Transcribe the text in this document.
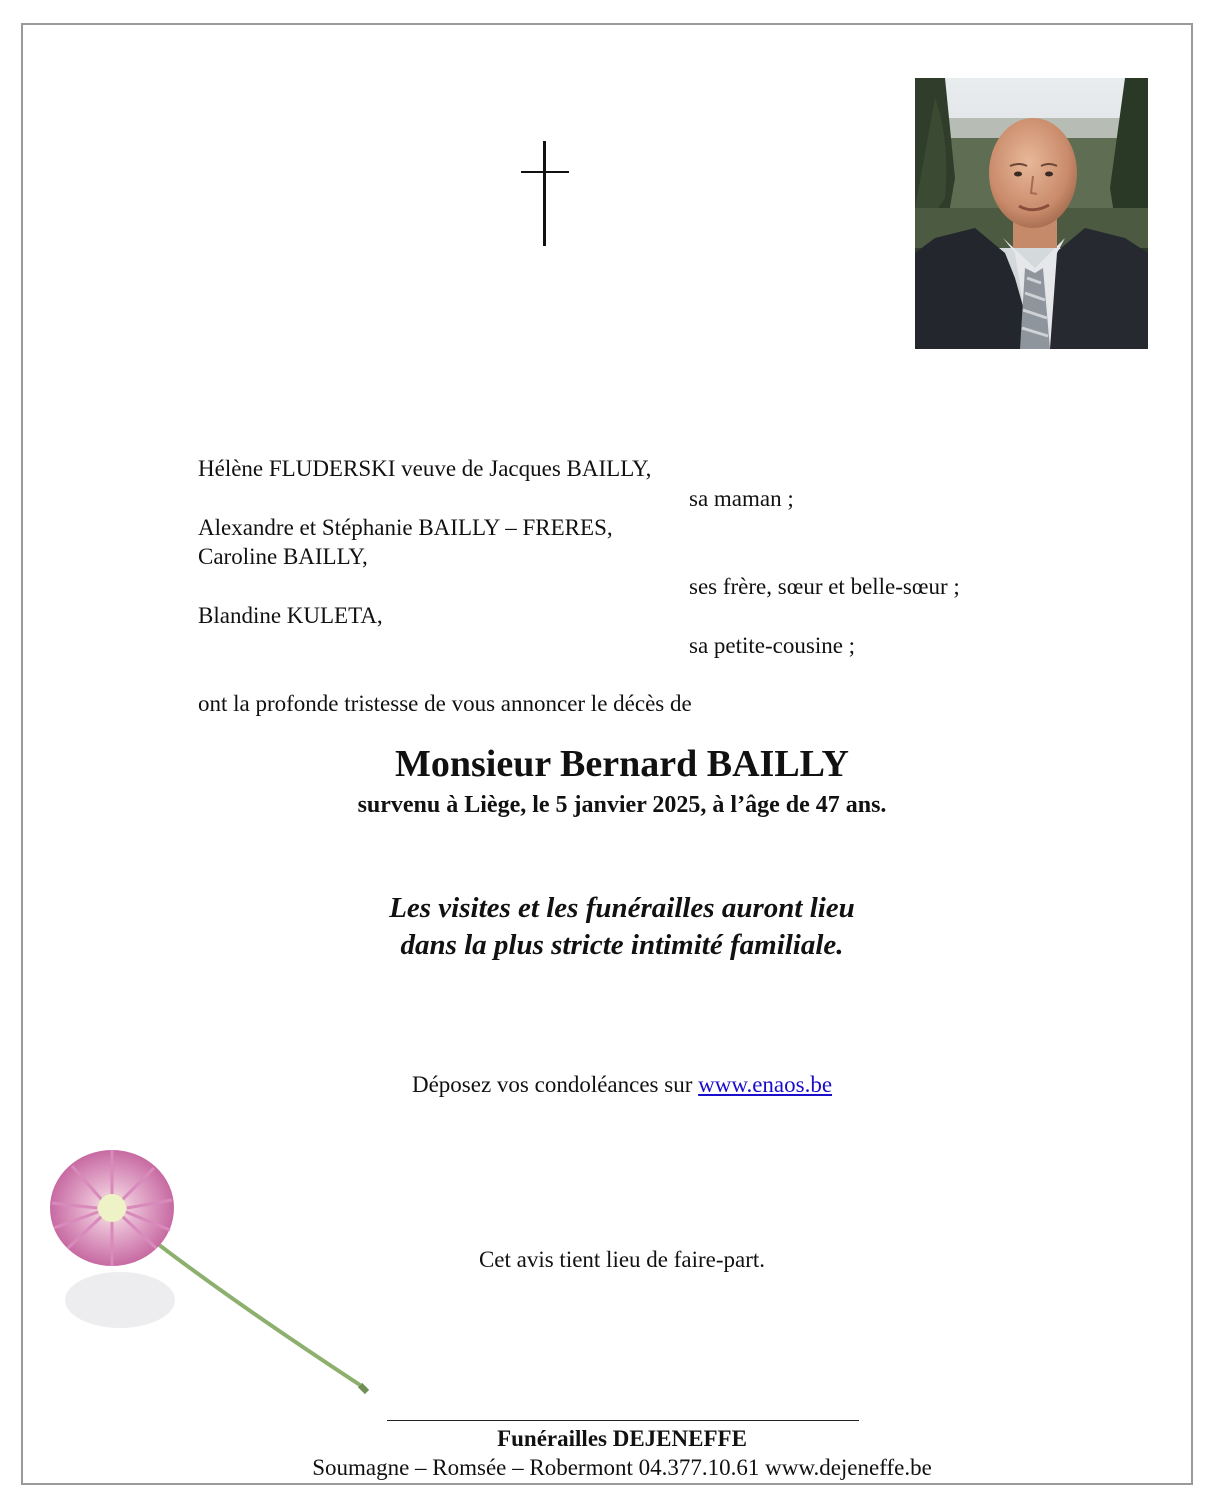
Hélène FLUDERSKI veuve de Jacques BAILLY,
sa maman ;
Alexandre et Stéphanie BAILLY – FRERES,
Caroline BAILLY,
ses frère, sœur et belle-sœur ;
Blandine KULETA,
sa petite-cousine ;
ont la profonde tristesse de vous annoncer le décès de
Monsieur Bernard BAILLY
survenu à Liège, le 5 janvier 2025, à l’âge de 47 ans.
Les visites et les funérailles auront lieu
dans la plus stricte intimité familiale.
Déposez vos condoléances sur www.enaos.be
Cet avis tient lieu de faire-part.
Funérailles DEJENEFFE
Soumagne – Romsée – Robermont 04.377.10.61 www.dejeneffe.be
